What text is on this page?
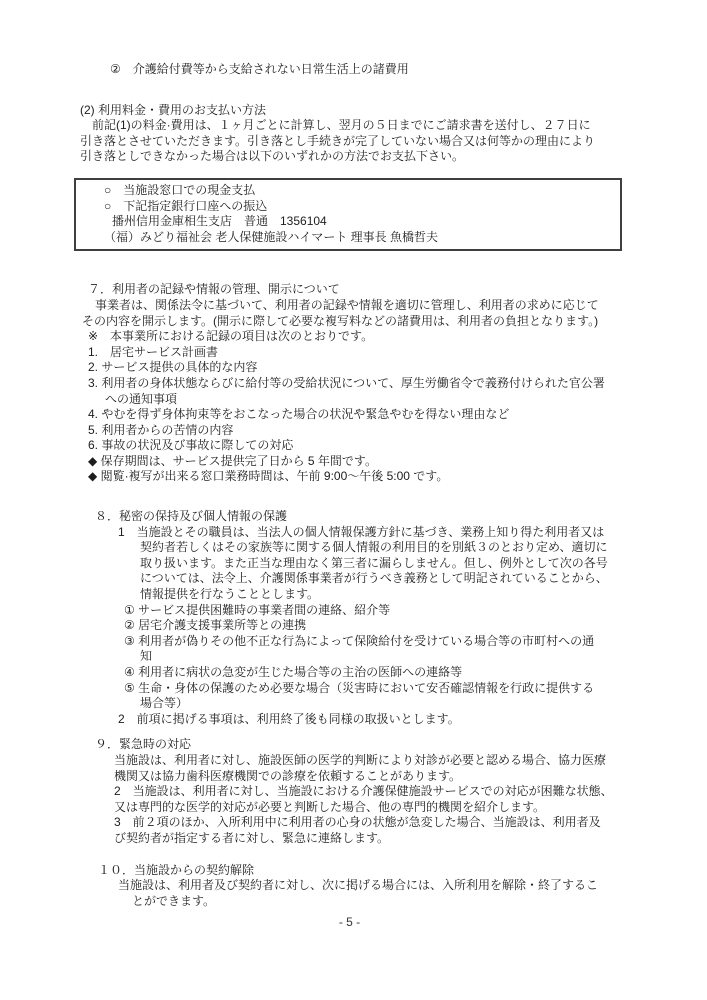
②　介護給付費等から支給されない日常生活上の諸費用
(2) 利用料金・費用のお支払い方法
前記(1)の料金·費用は、１ヶ月ごとに計算し、翌月の５日までにご請求書を送付し、２７日に
引き落とさせていただきます。引き落とし手続きが完了していない場合又は何等かの理由により
引き落としできなかった場合は以下のいずれかの方法でお支払下さい。
○　当施設窓口での現金支払
○　下記指定銀行口座への振込
播州信用金庫相生支店　普通　1356104
（福）みどり福祉会 老人保健施設ハイマート 理事長 魚橋哲夫
７．利用者の記録や情報の管理、開示について
事業者は、関係法令に基づいて、利用者の記録や情報を適切に管理し、利用者の求めに応じて
その内容を開示します。(開示に際して必要な複写料などの諸費用は、利用者の負担となります。)
※　本事業所における記録の項目は次のとおりです。
1.　居宅サービス計画書
2. サービス提供の具体的な内容
3. 利用者の身体状態ならびに給付等の受給状況について、厚生労働省令で義務付けられた官公署
への通知事項
4. やむを得ず身体拘束等をおこなった場合の状況や緊急やむを得ない理由など
5. 利用者からの苦情の内容
6. 事故の状況及び事故に際しての対応
◆ 保存期間は、サービス提供完了日から 5 年間です。
◆ 閲覧·複写が出来る窓口業務時間は、午前 9:00～午後 5:00 です。
８．秘密の保持及び個人情報の保護
1　当施設とその職員は、当法人の個人情報保護方針に基づき、業務上知り得た利用者又は
契約者若しくはその家族等に関する個人情報の利用目的を別紙３のとおり定め、適切に
取り扱います。また正当な理由なく第三者に漏らしません。但し、例外として次の各号
については、法令上、介護関係事業者が行うべき義務として明記されていることから、
情報提供を行なうこととします。
① サービス提供困難時の事業者間の連絡、紹介等
② 居宅介護支援事業所等との連携
③ 利用者が偽りその他不正な行為によって保険給付を受けている場合等の市町村への通
知
④ 利用者に病状の急変が生じた場合等の主治の医師への連絡等
⑤ 生命・身体の保護のため必要な場合（災害時において安否確認情報を行政に提供する
場合等）
2　前項に掲げる事項は、利用終了後も同様の取扱いとします。
９．緊急時の対応
当施設は、利用者に対し、施設医師の医学的判断により対診が必要と認める場合、協力医療
機関又は協力歯科医療機関での診療を依頼することがあります。
2　当施設は、利用者に対し、当施設における介護保健施設サービスでの対応が困難な状態、
又は専門的な医学的対応が必要と判断した場合、他の専門的機関を紹介します。
3　前２項のほか、入所利用中に利用者の心身の状態が急変した場合、当施設は、利用者及
び契約者が指定する者に対し、緊急に連絡します。
１０．当施設からの契約解除
当施設は、利用者及び契約者に対し、次に掲げる場合には、入所利用を解除・終了するこ
とができます。
- 5 -
